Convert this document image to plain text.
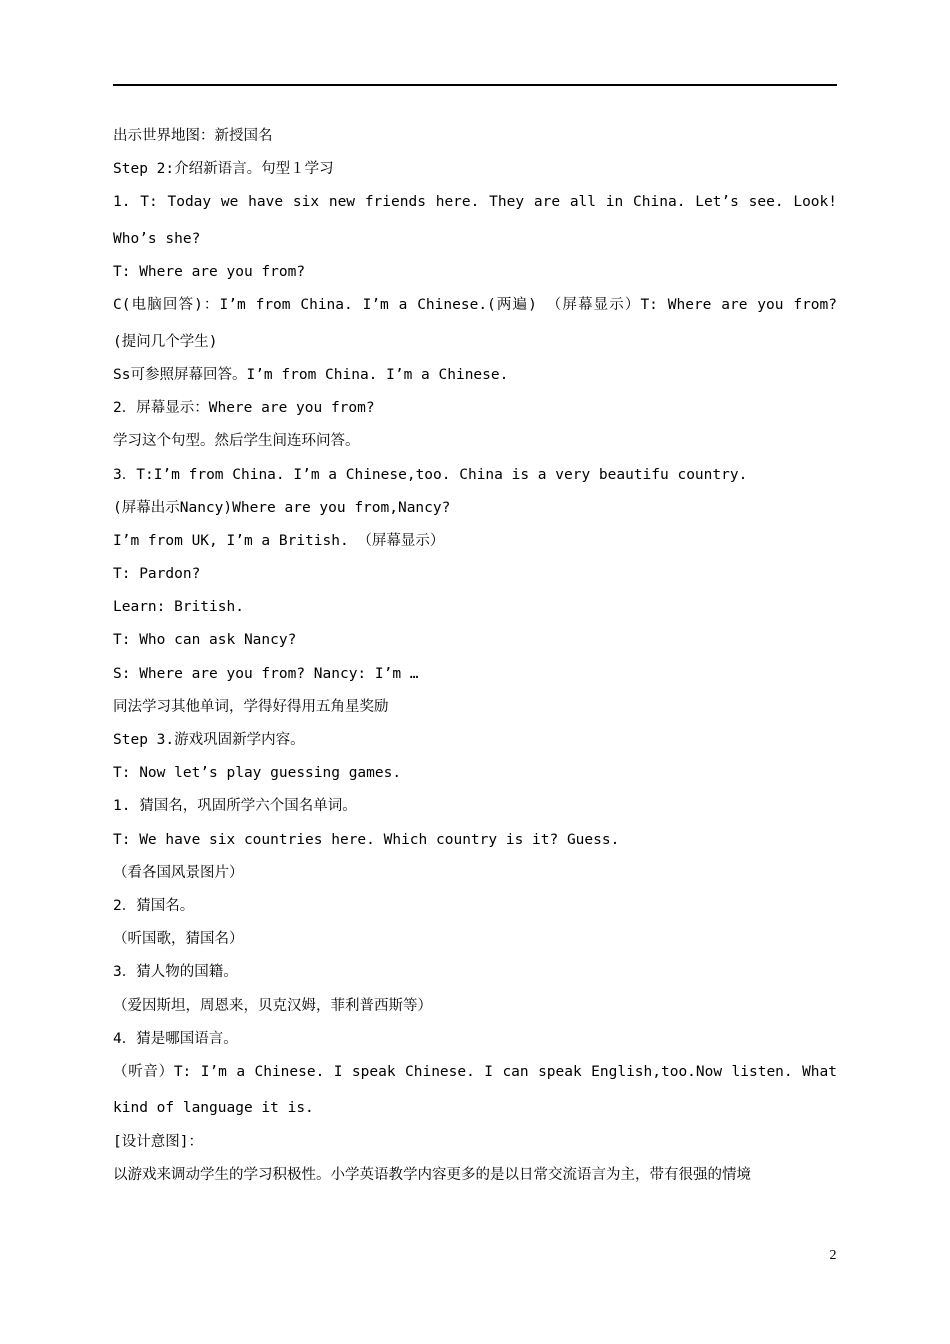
出示世界地图：新授国名
Step 2:介绍新语言。句型１学习
1. T: Today we have six new friends here. They are all in China. Let’s see. Look!
Who’s she?
T: Where are you from?
C(电脑回答)：I’m from China. I’m a Chinese.(两遍) （屏幕显示）T: Where are you from?
(提问几个学生)
Ss可参照屏幕回答。I’m from China. I’m a Chinese.
2．屏幕显示：Where are you from?
学习这个句型。然后学生间连环问答。
3．T:I’m from China. I’m a Chinese,too. China is a very beautifu country.
(屏幕出示Nancy)Where are you from,Nancy?
I’m from UK, I’m a British. （屏幕显示）
T: Pardon?
Learn: British.
T: Who can ask Nancy?
S: Where are you from? Nancy: I’m …
同法学习其他单词，学得好得用五角星奖励
Step 3.游戏巩固新学内容。
T: Now let’s play guessing games.
1. 猜国名，巩固所学六个国名单词。
T: We have six countries here. Which country is it? Guess.
（看各国风景图片）
2．猜国名。
（听国歌，猜国名）
3．猜人物的国籍。
（爱因斯坦，周恩来，贝克汉姆，菲利普西斯等）
4．猜是哪国语言。
（听音）T: I’m a Chinese. I speak Chinese. I can speak English,too.Now listen. What
kind of language it is.
[设计意图]：
以游戏来调动学生的学习积极性。小学英语教学内容更多的是以日常交流语言为主，带有很强的情境
2
